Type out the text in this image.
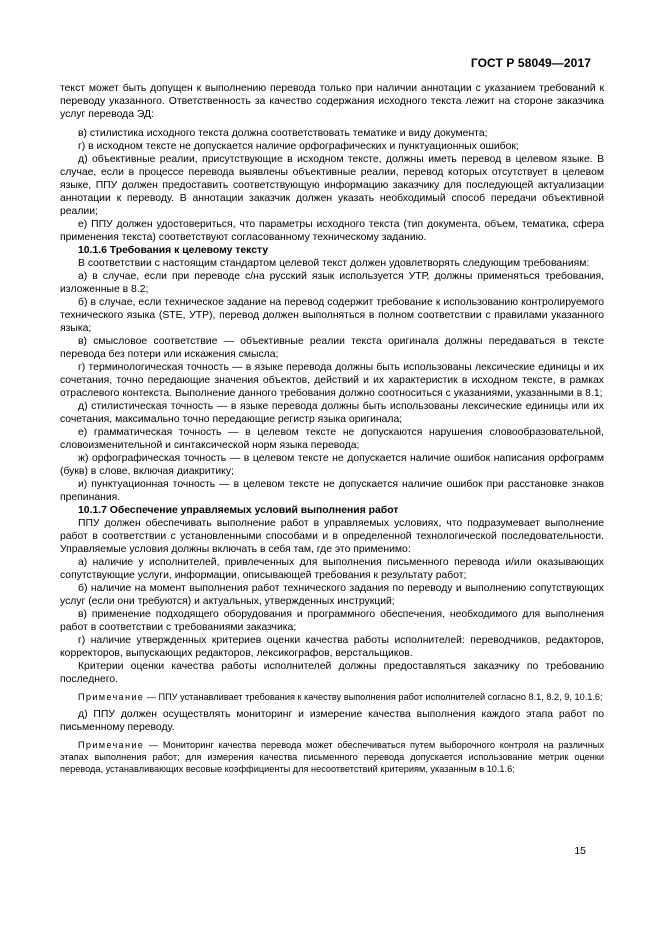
ГОСТ Р 58049—2017

текст может быть допущен к выполнению перевода только при наличии аннотации с указанием требований к переводу указанного. Ответственность за качество содержания исходного текста лежит на стороне заказчика услуг перевода ЭД:

в) стилистика исходного текста должна соответствовать тематике и виду документа;

г) в исходном тексте не допускается наличие орфографических и пунктуационных ошибок;

д) объективные реалии, присутствующие в исходном тексте, должны иметь перевод в целевом языке. В случае, если в процессе перевода выявлены объективные реалии, перевод которых отсутствует в целевом языке, ППУ должен предоставить соответствующую информацию заказчику для последующей актуализации аннотации к переводу. В аннотации заказчик должен указать необходимый способ передачи объективной реалии;

е) ППУ должен удостовериться, что параметры исходного текста (тип документа, объем, тематика, сфера применения текста) соответствуют согласованному техническому заданию.

10.1.6 Требования к целевому тексту

В соответствии с настоящим стандартом целевой текст должен удовлетворять следующим требованиям:

а) в случае, если при переводе с/на русский язык используется УТР, должны применяться требования, изложенные в 8.2;

б) в случае, если техническое задание на перевод содержит требование к использованию контролируемого технического языка (STE, УТР), перевод должен выполняться в полном соответствии с правилами указанного языка;

в) смысловое соответствие — объективные реалии текста оригинала должны передаваться в тексте перевода без потери или искажения смысла;

г) терминологическая точность — в языке перевода должны быть использованы лексические единицы и их сочетания, точно передающие значения объектов, действий и их характеристик в исходном тексте, в рамках отраслевого контекста. Выполнение данного требования должно соотноситься с указаниями, указанными в 8.1;

д) стилистическая точность — в языке перевода должны быть использованы лексические единицы или их сочетания, максимально точно передающие регистр языка оригинала;

е) грамматическая точность — в целевом тексте не допускаются нарушения словообразовательной, словоизменительной и синтаксической норм языка перевода;

ж) орфографическая точность — в целевом тексте не допускается наличие ошибок написания орфограмм (букв) в слове, включая диакритику;

и) пунктуационная точность — в целевом тексте не допускается наличие ошибок при расстановке знаков препинания.

10.1.7 Обеспечение управляемых условий выполнения работ

ППУ должен обеспечивать выполнение работ в управляемых условиях, что подразумевает выполнение работ в соответствии с установленными способами и в определенной технологической последовательности. Управляемые условия должны включать в себя там, где это применимо:

а) наличие у исполнителей, привлеченных для выполнения письменного перевода и/или оказывающих сопутствующие услуги, информации, описывающей требования к результату работ;

б) наличие на момент выполнения работ технического задания по переводу и выполнению сопутствующих услуг (если они требуются) и актуальных, утвержденных инструкций;

в) применение подходящего оборудования и программного обеспечения, необходимого для выполнения работ в соответствии с требованиями заказчика;

г) наличие утвержденных критериев оценки качества работы исполнителей: переводчиков, редакторов, корректоров, выпускающих редакторов, лексикографов, верстальщиков.

Критерии оценки качества работы исполнителей должны предоставляться заказчику по требованию последнего.

Примечание — ППУ устанавливает требования к качеству выполнения работ исполнителей согласно 8.1, 8.2, 9, 10.1.6;

д) ППУ должен осуществлять мониторинг и измерение качества выполнения каждого этапа работ по письменному переводу.

Примечание — Мониторинг качества перевода может обеспечиваться путем выборочного контроля на различных этапах выполнения работ; для измерения качества письменного перевода допускается использование метрик оценки перевода, устанавливающих весовые коэффициенты для несоответствий критериям, указанным в 10.1.6;

15
